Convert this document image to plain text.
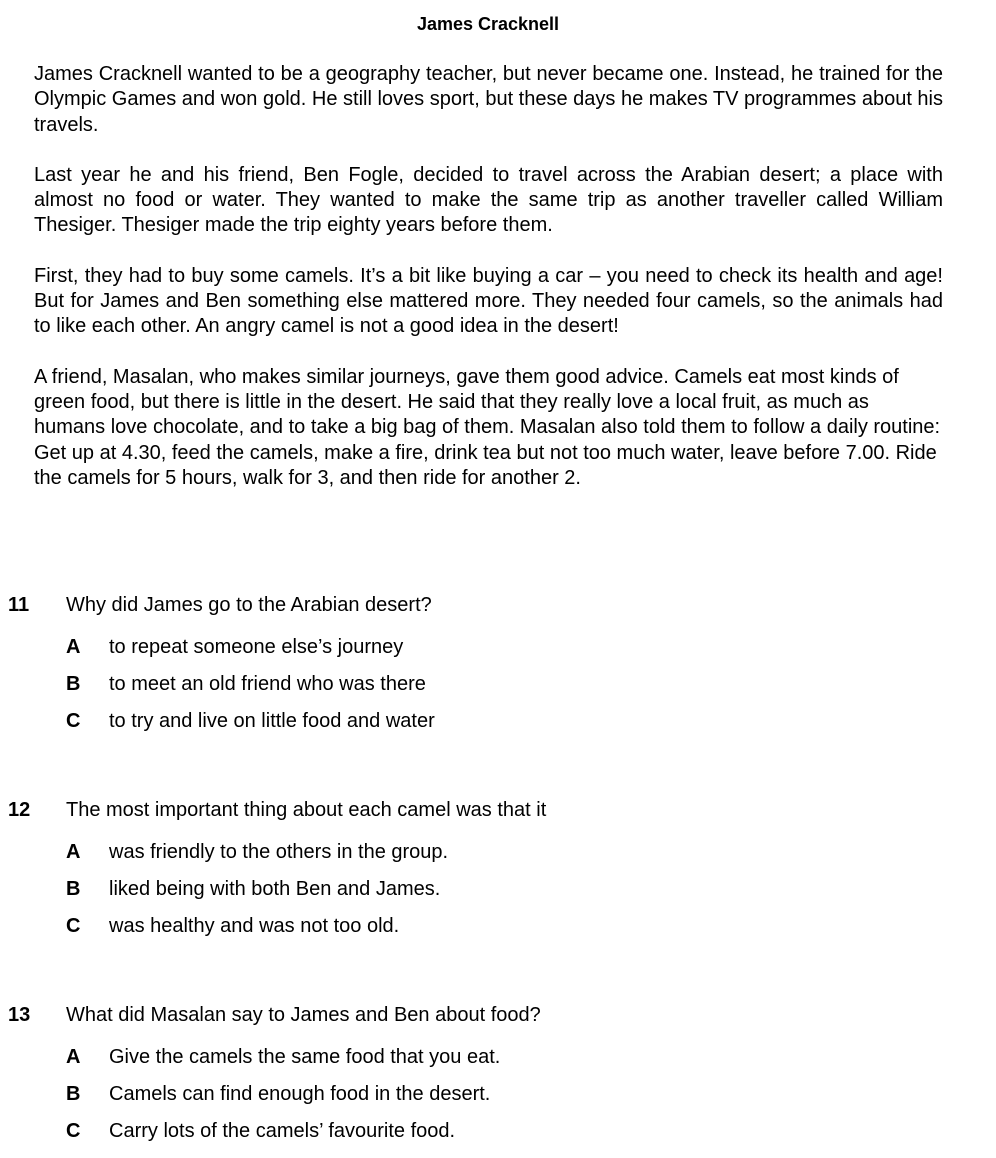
James Cracknell

James Cracknell wanted to be a geography teacher, but never became one. Instead, he trained for the Olympic Games and won gold. He still loves sport, but these days he makes TV programmes about his travels.

Last year he and his friend, Ben Fogle, decided to travel across the Arabian desert; a place with almost no food or water. They wanted to make the same trip as another traveller called William Thesiger. Thesiger made the trip eighty years before them.

First, they had to buy some camels. It’s a bit like buying a car – you need to check its health and age! But for James and Ben something else mattered more. They needed four camels, so the animals had to like each other. An angry camel is not a good idea in the desert!

A friend, Masalan, who makes similar journeys, gave them good advice. Camels eat most kinds of green food, but there is little in the desert. He said that they really love a local fruit, as much as humans love chocolate, and to take a big bag of them. Masalan also told them to follow a daily routine: Get up at 4.30, feed the camels, make a fire, drink tea but not too much water, leave before 7.00. Ride the camels for 5 hours, walk for 3, and then ride for another 2.

11 Why did James go to the Arabian desert?
A to repeat someone else’s journey
B to meet an old friend who was there
C to try and live on little food and water
12 The most important thing about each camel was that it
A was friendly to the others in the group.
B liked being with both Ben and James.
C was healthy and was not too old.
13 What did Masalan say to James and Ben about food?
A Give the camels the same food that you eat.
B Camels can find enough food in the desert.
C Carry lots of the camels’ favourite food.
